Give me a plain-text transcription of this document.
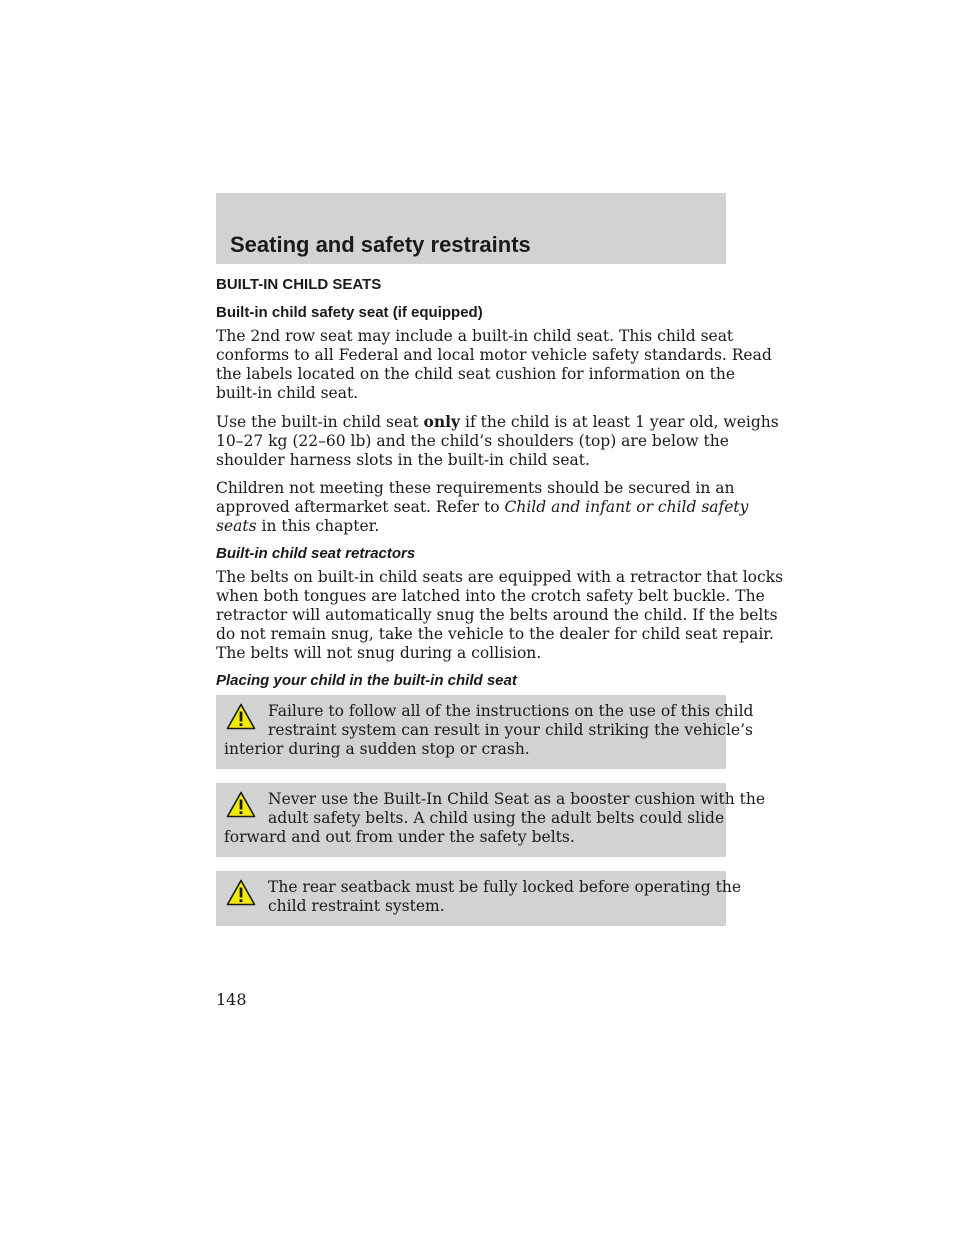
Seating and safety restraints
BUILT-IN CHILD SEATS
Built-in child safety seat (if equipped)
The 2nd row seat may include a built-in child seat. This child seat
conforms to all Federal and local motor vehicle safety standards. Read
the labels located on the child seat cushion for information on the
built-in child seat.
Use the built-in child seat only if the child is at least 1 year old, weighs
10–27 kg (22–60 lb) and the child’s shoulders (top) are below the
shoulder harness slots in the built-in child seat.
Children not meeting these requirements should be secured in an
approved aftermarket seat. Refer to Child and infant or child safety
seats in this chapter.
Built-in child seat retractors
The belts on built-in child seats are equipped with a retractor that locks
when both tongues are latched into the crotch safety belt buckle. The
retractor will automatically snug the belts around the child. If the belts
do not remain snug, take the vehicle to the dealer for child seat repair.
The belts will not snug during a collision.
Placing your child in the built-in child seat
Failure to follow all of the instructions on the use of this child
restraint system can result in your child striking the vehicle’s
interior during a sudden stop or crash.
Never use the Built-In Child Seat as a booster cushion with the
adult safety belts. A child using the adult belts could slide
forward and out from under the safety belts.
The rear seatback must be fully locked before operating the
child restraint system.
148
